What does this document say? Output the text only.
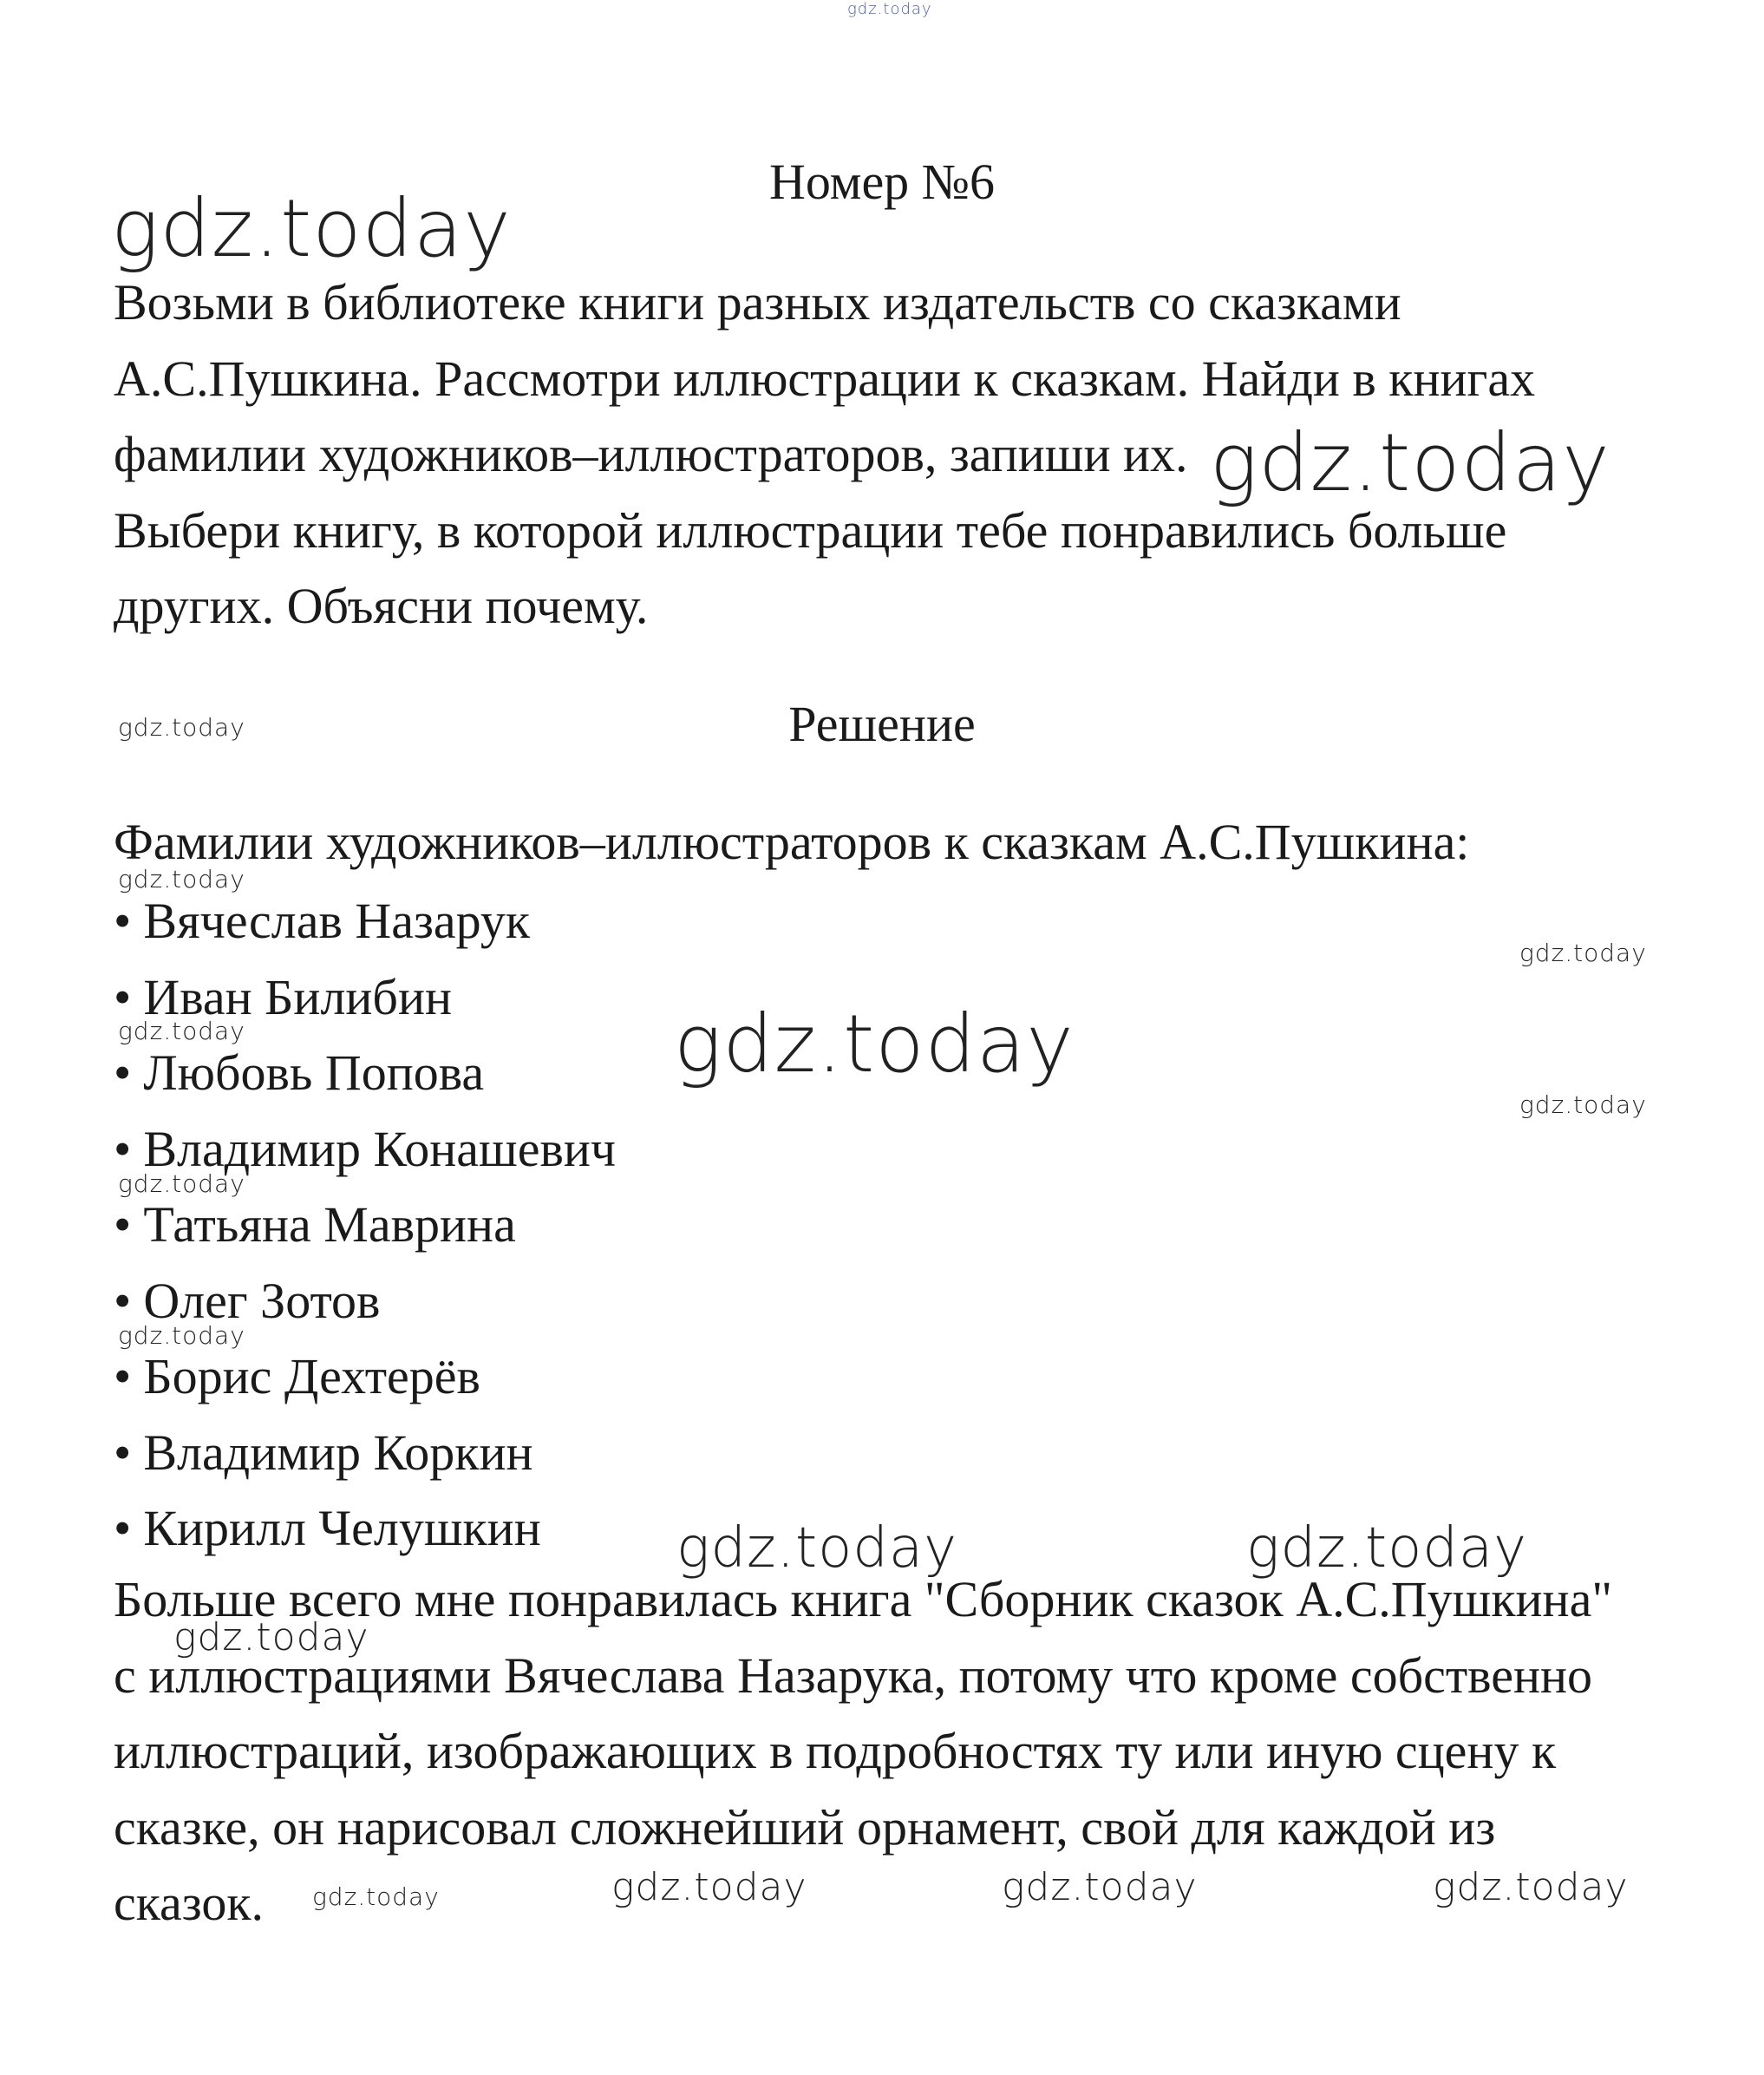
Номер №6

Возьми в библиотеке книги разных издательств со сказками

А.С.Пушкина. Рассмотри иллюстрации к сказкам. Найди в книгах

фамилии художников–иллюстраторов, запиши их.

Выбери книгу, в которой иллюстрации тебе понравились больше

других. Объясни почему.

Решение

Фамилии художников–иллюстраторов к сказкам А.С.Пушкина:

• Вячеслав Назарук
• Иван Билибин
• Любовь Попова
• Владимир Конашевич
• Татьяна Маврина
• Олег Зотов
• Борис Дехтерёв
• Владимир Коркин
• Кирилл Челушкин

Больше всего мне понравилась книга "Сборник сказок А.С.Пушкина"

с иллюстрациями Вячеслава Назарука, потому что кроме собственно

иллюстраций, изображающих в подробностях ту или иную сцену к

сказке, он нарисовал сложнейший орнамент, свой для каждой из

сказок.

gdz.today
gdz.today
gdz.today
gdz.today
gdz.today
gdz.today
gdz.today	gdz.today
gdz.today
gdz.today
gdz.today
gdz.today	gdz.today
gdz.today
gdz.today	gdz.today	gdz.today	gdz.today
